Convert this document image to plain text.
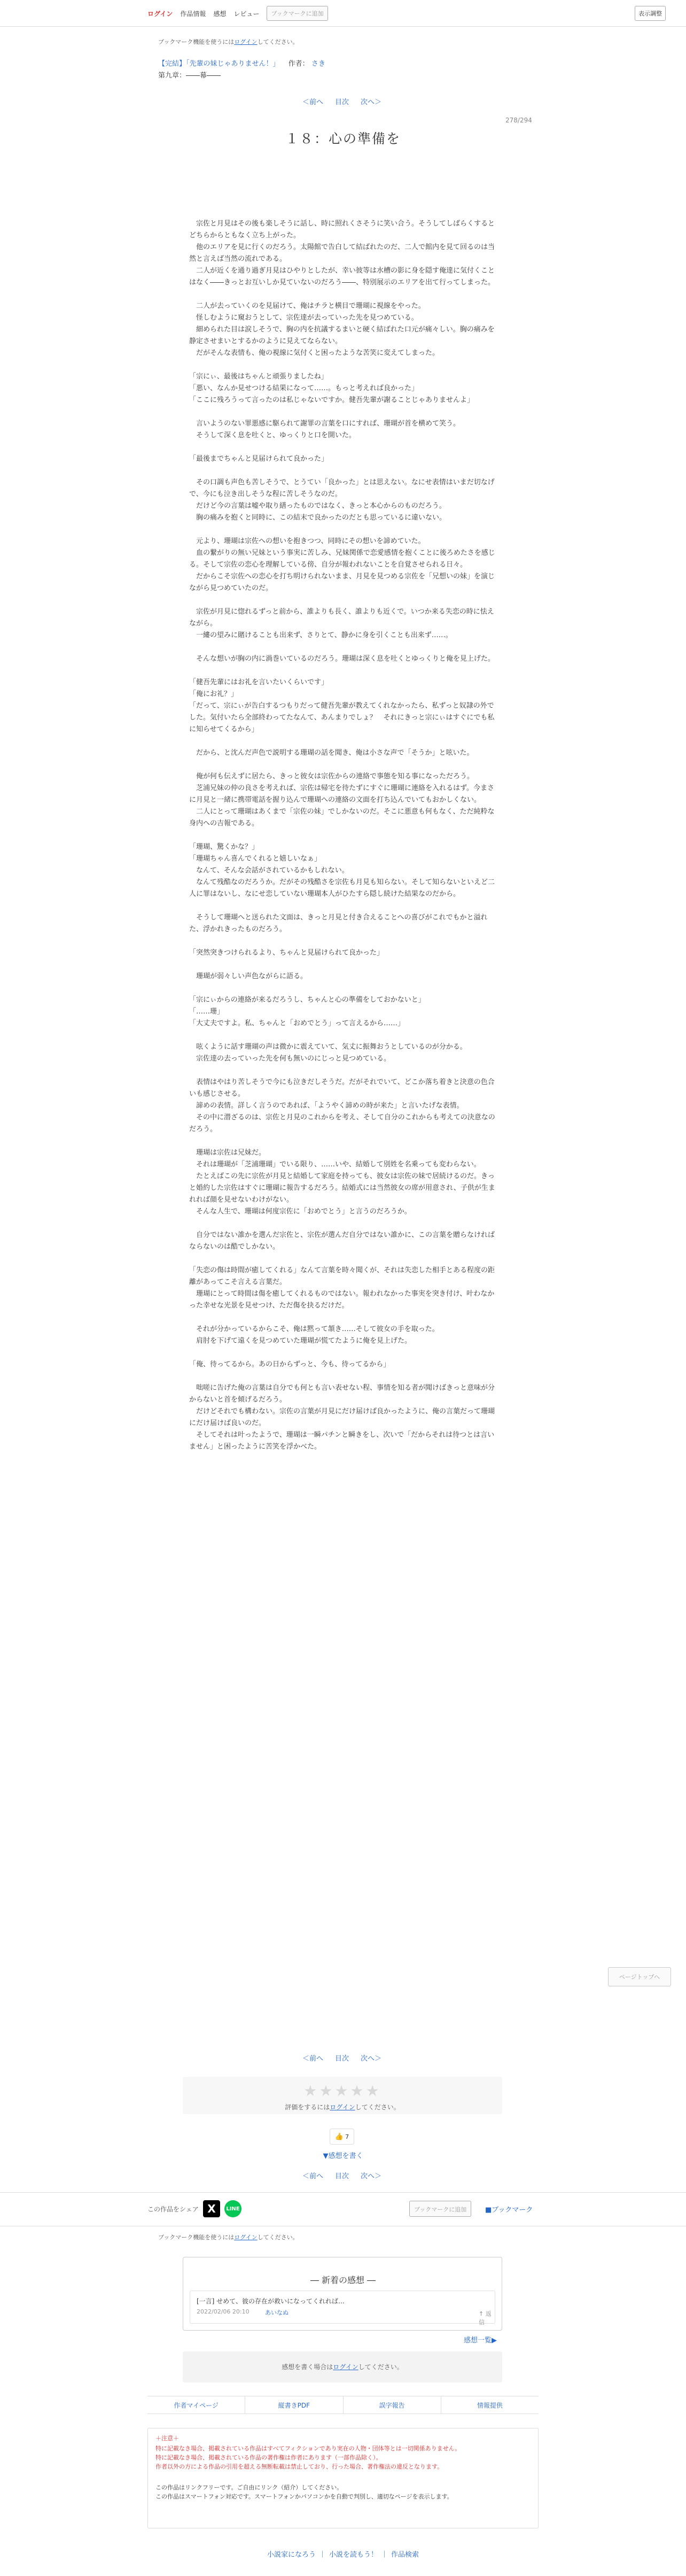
ログイン 作品情報 感想 レビュー	ブックマークに追加	表示調整
ブックマーク機能を使うにはログインしてください。
【完結】「先輩の妹じゃありません！」 作者： さき
第九章：――幕――
＜前へ 目次 次へ＞
278/294
１８：心の準備を

　宗佐と月見はその後も楽しそうに話し、時に照れくさそうに笑い合う。そうしてしばらくするとどちらからともなく立ち上がった。

　他のエリアを見に行くのだろう。太陽館で告白して結ばれたのだ、二人で館内を見て回るのは当然と言えば当然の流れである。

　二人が近くを通り過ぎ月見はひやりとしたが、幸い彼等は水槽の影に身を隠す俺達に気付くことはなく――きっとお互いしか見ていないのだろう――、特別展示のエリアを出て行ってしまった。

　二人が去っていくのを見届けて、俺はチラと横目で珊瑚に視線をやった。

　怪しむように窺おうとして、宗佐達が去っていった先を見つめている。

　細められた目は涙しそうで、胸の内を抗議するまいと硬く結ばれた口元が痛々しい。胸の痛みを静定させまいとするかのように見えてならない。

　だがそんな表情も、俺の視線に気付くと困ったような苦笑に変えてしまった。

「宗にぃ、最後はちゃんと頑張りましたね」

「悪い、なんか見せつける結果になって……。もっと考えれば良かった」

「ここに残ろうって言ったのは私じゃないですか。健吾先輩が謝ることじゃありませんよ」

　言いようのない罪悪感に駆られて謝罪の言葉を口にすれば、珊瑚が首を横めて笑う。

　そうして深く息を吐くと、ゆっくりと口を開いた。

「最後までちゃんと見届けられて良かった」

　その口調も声色も苦しそうで、とうてい「良かった」とは思えない。なにせ表情はいまだ切なげで、今にも泣き出しそうな程に苦しそうなのだ。

　だけど今の言葉は嘘や取り繕ったものではなく、きっと本心からのものだろう。

　胸の痛みを抱くと同時に、この結末で良かったのだとも思っているに違いない。

　元より、珊瑚は宗佐への想いを抱きつつ、同時にその想いを諦めていた。

　血の繋がりの無い兄妹という事実に苦しみ、兄妹関係で恋愛感情を抱くことに後ろめたさを感じる。そして宗佐の恋心を理解している傍、自分が報われないことを自覚させられる日々。

　だからこそ宗佐への恋心を打ち明けられないまま、月見を見つめる宗佐を「兄想いの妹」を演じながら見つめていたのだ。

　宗佐が月見に惚れるずっと前から、誰よりも長く、誰よりも近くで。いつか来る失恋の時に怯えながら。

　一縷の望みに賭けることも出来ず、さりとて、静かに身を引くことも出来ず……。

　そんな想いが胸の内に渦巻いているのだろう。珊瑚は深く息を吐くとゆっくりと俺を見上げた。

「健吾先輩にはお礼を言いたいくらいです」

「俺にお礼？」

「だって、宗にぃが告白するつもりだって健吾先輩が教えてくれなかったら、私ずっと奴隷の外でした。気付いたら全部終わってたなんて、あんまりでしょ？　それにきっと宗にぃはすぐにでも私に知らせてくるから」

　だから、と沈んだ声色で説明する珊瑚の話を聞き、俺は小さな声で「そうか」と呟いた。

　俺が何も伝えずに居たら、きっと彼女は宗佐からの連絡で事態を知る事になっただろう。

　芝浦兄妹の仲の良さを考えれば、宗佐は帰宅を待たずにすぐに珊瑚に連絡を入れるはず。今まさに月見と一緒に携帯電話を握り込んで珊瑚への連絡の文面を打ち込んでいてもおかしくない。

　二人にとって珊瑚はあくまで「宗佐の妹」でしかないのだ。そこに悪意も何もなく、ただ純粋な身内への吉報である。

「珊瑚、驚くかな？」

「珊瑚ちゃん喜んでくれると嬉しいなぁ」

　なんて、そんな会話がされているかもしれない。

　なんて残酷なのだろうか。だがその残酷さを宗佐も月見も知らない。そして知らないといえど二人に罪はないし、なにせ恋していない珊瑚本人がひたすら隠し続けた結果なのだから。

　そうして珊瑚へと送られた文面は、きっと月見と付き合えることへの喜びがこれでもかと溢れた、浮かれきったものだろう。

「突然突きつけられるより、ちゃんと見届けられて良かった」

　珊瑚が弱々しい声色ながらに語る。

「宗にぃからの連絡が来るだろうし、ちゃんと心の準備をしておかないと」

「……珊」

「大丈夫ですよ。私、ちゃんと「おめでとう」って言えるから……」

　呟くように話す珊瑚の声は微かに震えていて、気丈に振舞おうとしているのが分かる。

　宗佐達の去っていった先を何も無いのにじっと見つめている。

　表情はやはり苦しそうで今にも泣きだしそうだ。だがそれでいて、どこか落ち着きと決意の色合いも感じさせる。

　諦めの表情。詳しく言うのであれば、「ようやく諦めの時が来た」と言いたげな表情。

　その中に潜ざるのは、宗佐と月見のこれからを考え、そして自分のこれからも考えての決意なのだろう。

　珊瑚は宗佐は兄妹だ。

　それは珊瑚が「芝浦珊瑚」でいる限り、……いや、結婚して別姓を名乗っても変わらない。

　たとえばこの先に宗佐が月見と結婚して家庭を持っても、彼女は宗佐の妹で居続けるのだ。きっと婚約した宗佐はすぐに珊瑚に報告するだろう。結婚式には当然彼女の席が用意され、子供が生まれれば顔を見せないわけがない。

　そんな人生で、珊瑚は何度宗佐に「おめでとう」と言うのだろうか。

　自分ではない誰かを選んだ宗佐と、宗佐が選んだ自分ではない誰かに、この言葉を贈らなければならないのは酷でしかない。

「失恋の傷は時間が癒してくれる」なんて言葉を時々聞くが、それは失恋した相手とある程度の距離があってこそ言える言葉だ。

　珊瑚にとって時間は傷を癒してくれるものではない。報われなかった事実を突き付け、叶わなかった幸せな光景を見せつけ、ただ傷を抉るだけだ。

　それが分かっているからこそ、俺は黙って頷き……そして彼女の手を取った。

　肩肘を下げて遠くを見つめていた珊瑚が慌てたように俺を見上げた。

「俺、待ってるから。あの日からずっと、今も、待ってるから」

　咄嗟に告げた俺の言葉は自分でも何とも言い表せない程、事情を知る者が聞けばきっと意味が分からないと首を傾げるだろう。

　だけどそれでも構わない。宗佐の言葉が月見にだけ届けば良かったように、俺の言葉だって珊瑚にだけ届けば良いのだ。

　そしてそれは叶ったようで、珊瑚は一瞬パチンと瞬きをし、次いで「だからそれは待つとは言いません」と困ったように苦笑を浮かべた。

ページトップへ
＜前へ 目次 次へ＞
★★★★★
評価をするにはログインしてください。
👍 7
▼感想を書く
＜前へ 目次 次へ＞
この作品をシェア X	LINE	ブックマークに追加	■ブックマーク
ブックマーク機能を使うにはログインしてください。
― 新着の感想 ―
[一言] せめて、彼の存在が救いになってくれれば…
2022/02/06 20:10	あいなぬ	↑ 返信
感想一覧▶
感想を書く場合はログインしてください。
作者マイページ	縦書きPDF	誤字報告	情報提供
＋注意＋
特に記載なき場合、掲載されている作品はすべてフィクションであり実在の人物・団体等とは一切関係ありません。
特に記載なき場合、掲載されている作品の著作権は作者にあります（一部作品除く）。
作者以外の方による作品の引用を超える無断転載は禁止しており、行った場合、著作権法の違反となります。
この作品はリンクフリーです。ご自由にリンク（紹介）してください。
この作品はスマートフォン対応です。スマートフォンかパソコンかを自動で判別し、適切なページを表示します。
小説家になろう ｜ 小説を読もう！ ｜ 作品検索
